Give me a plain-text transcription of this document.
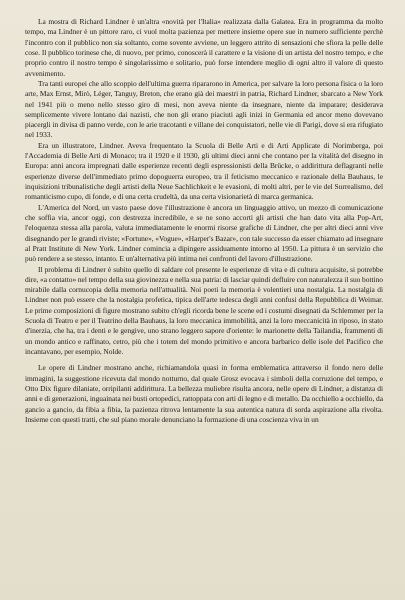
La mostra di Richard Lindner è un'altra «novità per l'Italia» realizzata dalla Galatea. Era in programma da molto tempo, ma Lindner è un pittore raro, ci vuol molta pazienza per mettere insieme opere sue in numero sufficiente perchè l'incontro con il pubblico non sia soltanto, come sovente avviene, un leggero attrito di sensazioni che sfiora la pelle delle cose. Il pubblico torinese che, di nuovo, per primo, conoscerà il carattere e la visione di un artista del nostro tempo, e che proprio contro il nostro tempo è singolarissimo e solitario, può forse intendere meglio di ogni altro il valore di questo avvenimento.

Tra tanti europei che allo scoppio dell'ultima guerra ripararono in America, per salvare la loro persona fisica o la loro arte, Max Ernst, Mirò, Léger, Tanguy, Breton, che erano già dei maestri in patria, Richard Lindner, sbarcato a New York nel 1941 più o meno nello stesso giro di mesi, non aveva niente da insegnare, niente da imparare; desiderava semplicemente vivere lontano dai nazisti, che non gli erano piaciuti agli inizi in Germania ed ancor meno dovevano piacergli in divisa di panno verde, con le arie tracotanti e villane dei conquistatori, nelle vie di Parigi, dove si era rifugiato nel 1933.

Era un illustratore, Lindner. Aveva frequentato la Scuola di Belle Arti e di Arti Applicate di Norimberga, poi l'Accademia di Belle Arti di Monaco; tra il 1920 e il 1930, gli ultimi dieci anni che contano per la vitalità del disegno in Europa: anni ancora impregnati dalle esperienze recenti degli espressionisti della Brücke, o addirittura deflagranti nelle esperienze diverse dell'immediato primo dopoguerra europeo, tra il feticismo meccanico e razionale della Bauhaus, le inquisizioni tribunalistiche degli artisti della Neue Sachlichkeit e le evasioni, di molti altri, per le vie del Surrealismo, del romanticismo cupo, di fonde, e di una certa crudeltà, da una certa visionarietà di marca germanica.

L'America del Nord, un vasto paese dove l'illustrazione è ancora un linguaggio attivo, un mezzo di comunicazione che soffia via, ancor oggi, con destrezza incredibile, e se ne sono accorti gli artisti che han dato vita alla Pop-Art, l'eloquenza stessa alla parola, valuta immediatamente le enormi risorse grafiche di Lindner, che per altri dieci anni vive disegnando per le grandi riviste; «Fortune», «Vogue», «Harper's Bazar», con tale successo da esser chiamato ad insegnare al Pratt Institute di New York. Lindner comincia a dipingere assiduamente intorno al 1950. La pittura è un servizio che può rendere a se stesso, intanto. E un'alternativa più intima nei confronti del lavoro d'illustrazione.

Il problema di Lindner è subito quello di saldare col presente le esperienze di vita e di cultura acquisite, si potrebbe dire, «a contatto» nel tempo della sua giovinezza e nella sua patria: di lasciar quindi defluire con naturalezza il suo bottino mirabile dalla cornucopia della memoria nell'attualità. Noi poeti la memoria è volentieri una nostalgia. La nostalgia di Lindner non può essere che la nostalgia profetica, tipica dell'arte tedesca degli anni confusi della Repubblica di Weimar. Le prime composizioni di figure mostrano subito ch'egli ricorda bene le scene ed i costumi disegnati da Schlemmer per la Scuola di Teatro e per il Teatrino della Bauhaus, la loro meccanica immobilità, anzi la loro meccanicità in riposo, in stato d'inerzia, che ha, tra i denti e le gengive, uno strano leggero sapore d'oriente: le marionette della Tailandia, frammenti di un mondo antico e raffinato, cetro, più che i totem del mondo primitivo e ancora barbarico delle isole del Pacifico che incantavano, per esempio, Nolde.

Le opere di Lindner mostrano anche, richiamandola quasi in forma emblematica attraverso il fondo nero delle immagini, la suggestione ricevuta dal mondo notturno, dal quale Grosz evocava i simboli della corruzione del tempo, e Otto Dix figure dilaniate, orripilanti addirittura. La bellezza muliebre risulta ancora, nelle opere di Lindner, a distanza di anni e di generazioni, inguainata nei busti ortopedici, rattoppata con arti di legno e di metallo. Da occhiello a occhiello, da gancio a gancio, da fibia a fibia, la pazienza ritrova lentamente la sua autentica natura di sorda aspirazione alla rivolta. Insieme con questi tratti, che sul piano morale denunciano la formazione di una coscienza viva in un
